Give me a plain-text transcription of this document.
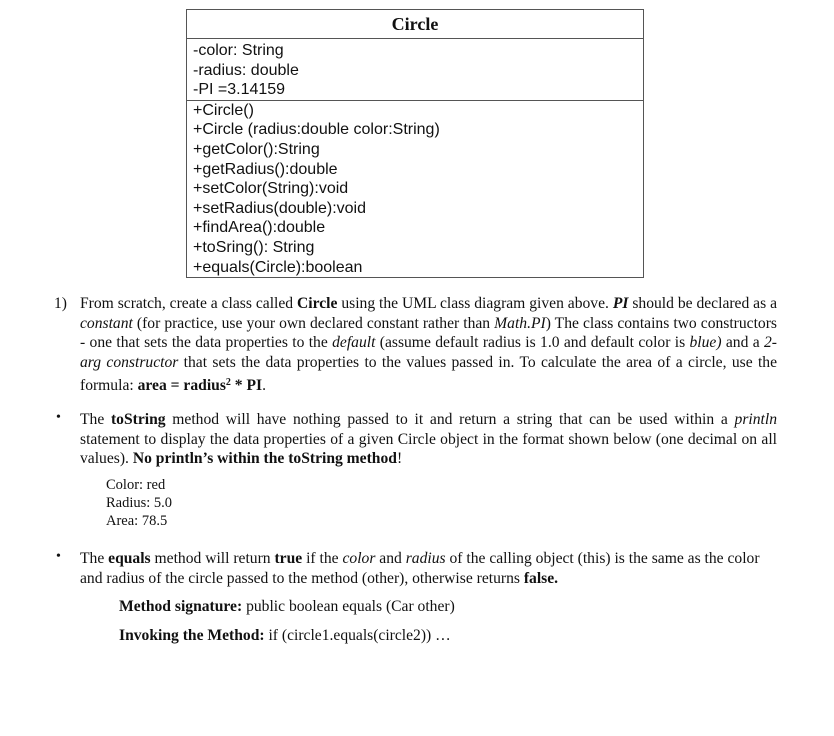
Circle
-color: String
-radius: double
-PI =3.14159
+Circle()
+Circle (radius:double color:String)
+getColor():String
+getRadius():double
+setColor(String):void
+setRadius(double):void
+findArea():double
+toSring(): String
+equals(Circle):boolean
1) From scratch, create a class called Circle using the UML class diagram given above. PI should be declared as a constant (for practice, use your own declared constant rather than Math.PI) The class contains two constructors - one that sets the data properties to the default (assume default radius is 1.0 and default color is blue) and a 2-arg constructor that sets the data properties to the values passed in. To calculate the area of a circle, use the formula: area = radius$^2$ * PI.
• The toString method will have nothing passed to it and return a string that can be used within a println statement to display the data properties of a given Circle object in the format shown below (one decimal on all values). No println’s within the toString method!
Color: red
Radius: 5.0
Area: 78.5
• The equals method will return true if the color and radius of the calling object (this) is the same as the color and radius of the circle passed to the method (other), otherwise returns false.
Method signature: public boolean equals (Car other)
Invoking the Method: if (circle1.equals(circle2)) …
